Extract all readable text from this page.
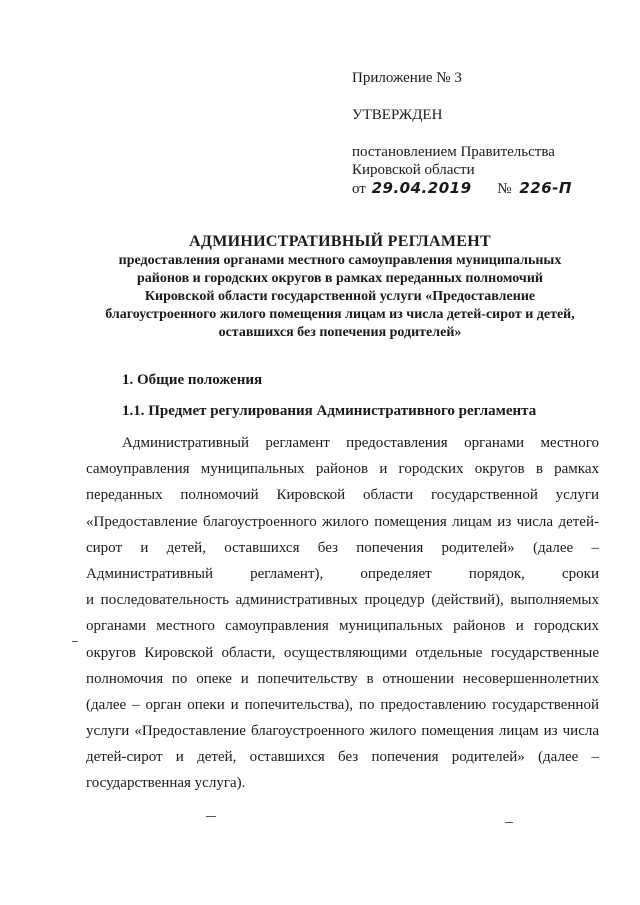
Приложение № 3
УТВЕРЖДЕН
постановлением Правительства
Кировской области
от 29.04.2019 № 226-П
АДМИНИСТРАТИВНЫЙ РЕГЛАМЕНТ
предоставления органами местного самоуправления муниципальных
районов и городских округов в рамках переданных полномочий
Кировской области государственной услуги «Предоставление
благоустроенного жилого помещения лицам из числа детей-сирот и детей,
оставшихся без попечения родителей»
1. Общие положения
1.1. Предмет регулирования Административного регламента
Административный регламент предоставления органами местного
самоуправления муниципальных районов и городских округов в рамках
переданных полномочий Кировской области государственной услуги
«Предоставление благоустроенного жилого помещения лицам из числа детей-
сирот и детей, оставшихся без попечения родителей» (далее –
Административный регламент), определяет порядок, сроки
и последовательность административных процедур (действий), выполняемых
органами местного самоуправления муниципальных районов и городских
округов Кировской области, осуществляющими отдельные государственные
полномочия по опеке и попечительству в отношении несовершеннолетних
(далее – орган опеки и попечительства), по предоставлению государственной
услуги «Предоставление благоустроенного жилого помещения лицам из числа
детей-сирот и детей, оставшихся без попечения родителей» (далее –
государственная услуга).
